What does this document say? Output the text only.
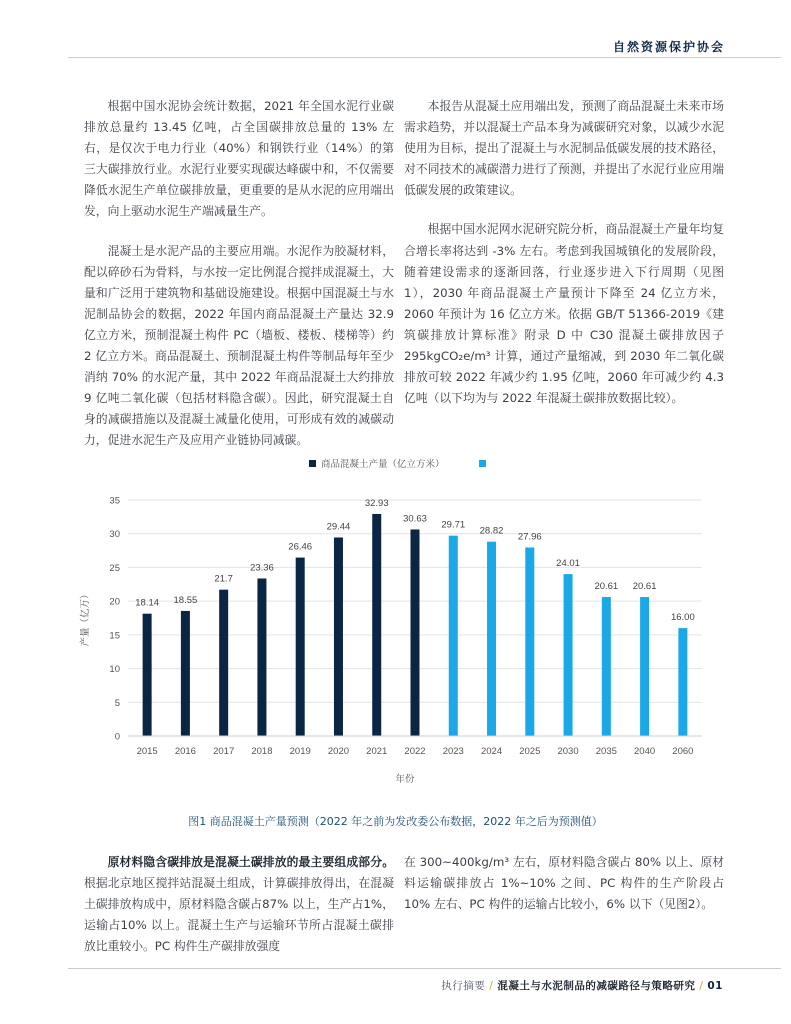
自然资源保护协会

根据中国水泥协会统计数据，2021 年全国水泥行业碳排放总量约 13.45 亿吨，占全国碳排放总量的 13% 左右，是仅次于电力行业（40%）和钢铁行业（14%）的第三大碳排放行业。水泥行业要实现碳达峰碳中和，不仅需要降低水泥生产单位碳排放量，更重要的是从水泥的应用端出发，向上驱动水泥生产端减量生产。

混凝土是水泥产品的主要应用端。水泥作为胶凝材料，配以碎砂石为骨料，与水按一定比例混合搅拌成混凝土，大量和广泛用于建筑物和基础设施建设。根据中国混凝土与水泥制品协会的数据，2022 年国内商品混凝土产量达 32.9 亿立方米，预制混凝土构件 PC（墙板、楼板、楼梯等）约 2 亿立方米。商品混凝土、预制混凝土构件等制品每年至少消纳 70% 的水泥产量，其中 2022 年商品混凝土大约排放 9 亿吨二氧化碳（包括材料隐含碳）。因此，研究混凝土自身的减碳措施以及混凝土减量化使用，可形成有效的减碳动力，促进水泥生产及应用产业链协同减碳。

本报告从混凝土应用端出发，预测了商品混凝土未来市场需求趋势，并以混凝土产品本身为减碳研究对象，以减少水泥使用为目标，提出了混凝土与水泥制品低碳发展的技术路径，对不同技术的减碳潜力进行了预测，并提出了水泥行业应用端低碳发展的政策建议。

根据中国水泥网水泥研究院分析，商品混凝土产量年均复合增长率将达到 -3% 左右。考虑到我国城镇化的发展阶段，随着建设需求的逐渐回落，行业逐步进入下行周期（见图1），2030 年商品混凝土产量预计下降至 24 亿立方米，2060 年预计为 16 亿立方米。依据 GB/T 51366-2019《建筑碳排放计算标准》附录 D 中 C30 混凝土碳排放因子 295kgCO₂e/m³ 计算，通过产量缩减，到 2030 年二氧化碳排放可较 2022 年减少约 1.95 亿吨，2060 年可减少约 4.3 亿吨（以下均为与 2022 年混凝土碳排放数据比较）。

商品混凝土产量（亿立方米）
0
5
10
15
20
25
30
35
产量（亿万）	18.14
2015
18.55
2016
21.7
2017
23.36
2018
26.46
2019
29.44
2020
32.93
2021
30.63
2022
29.71
2023
28.82
2024
27.96
2025
24.01
2030
20.61
2035
20.61
2040
16.00
2060
年份
图1 商品混凝土产量预测（2022 年之前为发改委公布数据，2022 年之后为预测值）

原材料隐含碳排放是混凝土碳排放的最主要组成部分。根据北京地区搅拌站混凝土组成，计算碳排放得出，在混凝土碳排放构成中，原材料隐含碳占87% 以上，生产占1%，运输占10% 以上。混凝土生产与运输环节所占混凝土碳排放比重较小。PC 构件生产碳排放强度

在 300~400kg/m³ 左右，原材料隐含碳占 80% 以上、原材料运输碳排放占 1%~10% 之间、PC 构件的生产阶段占 10% 左右、PC 构件的运输占比较小，6% 以下（见图2）。

执行摘要 / 混凝土与水泥制品的减碳路径与策略研究 / 01
